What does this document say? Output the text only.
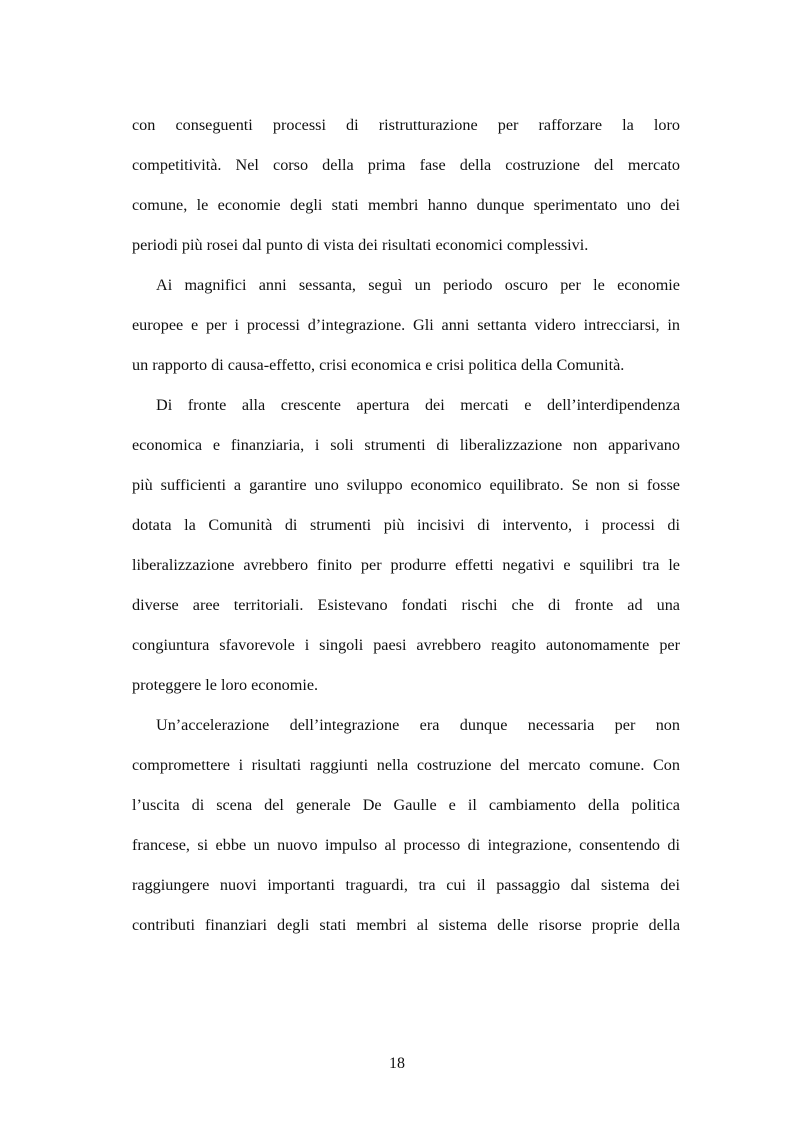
con conseguenti processi di ristrutturazione per rafforzare la loro
competitività. Nel corso della prima fase della costruzione del mercato
comune, le economie degli stati membri hanno dunque sperimentato uno dei
periodi più rosei dal punto di vista dei risultati economici complessivi.
Ai magnifici anni sessanta, seguì un periodo oscuro per le economie
europee e per i processi d’integrazione. Gli anni settanta videro intrecciarsi, in
un rapporto di causa-effetto, crisi economica e crisi politica della Comunità.
Di fronte alla crescente apertura dei mercati e dell’interdipendenza
economica e finanziaria, i soli strumenti di liberalizzazione non apparivano
più sufficienti a garantire uno sviluppo economico equilibrato. Se non si fosse
dotata la Comunità di strumenti più incisivi di intervento, i processi di
liberalizzazione avrebbero finito per produrre effetti negativi e squilibri tra le
diverse aree territoriali. Esistevano fondati rischi che di fronte ad una
congiuntura sfavorevole i singoli paesi avrebbero reagito autonomamente per
proteggere le loro economie.
Un’accelerazione dell’integrazione era dunque necessaria per non
compromettere i risultati raggiunti nella costruzione del mercato comune. Con
l’uscita di scena del generale De Gaulle e il cambiamento della politica
francese, si ebbe un nuovo impulso al processo di integrazione, consentendo di
raggiungere nuovi importanti traguardi, tra cui il passaggio dal sistema dei
contributi finanziari degli stati membri al sistema delle risorse proprie della
18
